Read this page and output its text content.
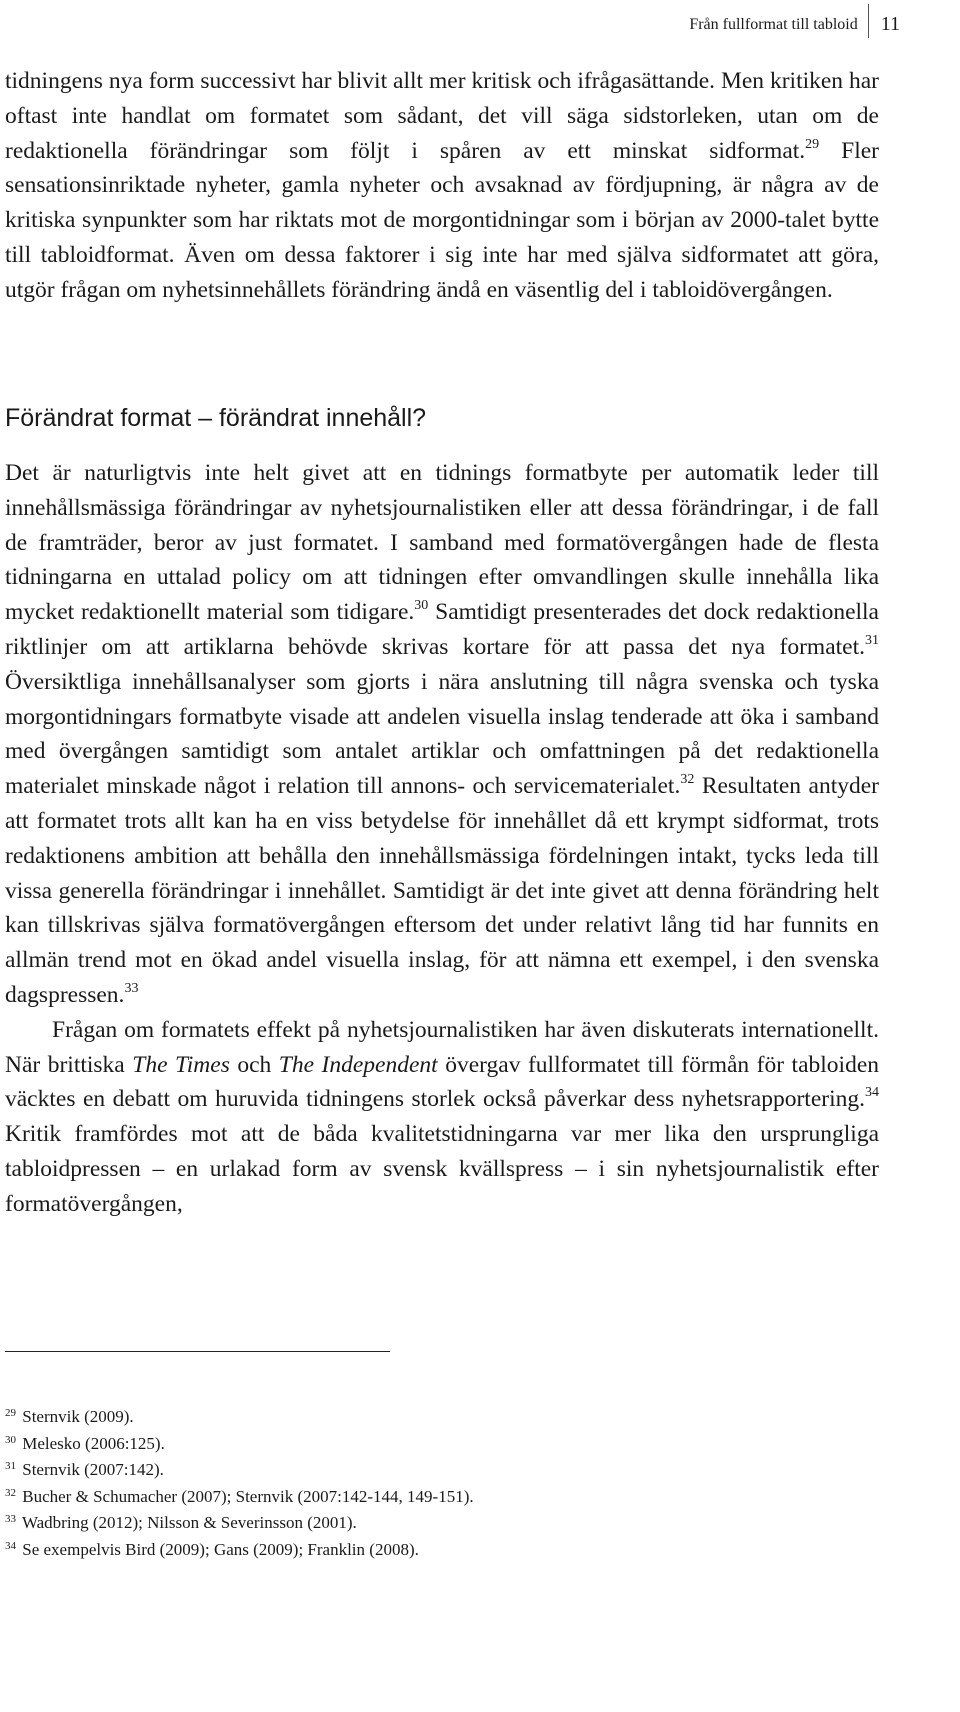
Från fullformat till tabloid	11

tidningens nya form successivt har blivit allt mer kritisk och ifrågasättande. Men kritiken har oftast inte handlat om formatet som sådant, det vill säga sidstorleken, utan om de redaktionella förändringar som följt i spåren av ett minskat sidformat.$^{29}$ Fler sensationsinriktade nyheter, gamla nyheter och avsaknad av fördjupning, är några av de kritiska synpunkter som har riktats mot de morgontidningar som i början av 2000-talet bytte till tabloidformat. Även om dessa faktorer i sig inte har med själva sidformatet att göra, utgör frågan om nyhetsinnehållets förändring ändå en väsentlig del i tabloidövergången.

Förändrat format – förändrat innehåll?

Det är naturligtvis inte helt givet att en tidnings formatbyte per automatik leder till innehållsmässiga förändringar av nyhetsjournalistiken eller att dessa förändringar, i de fall de framträder, beror av just formatet. I samband med formatövergången hade de flesta tidningarna en uttalad policy om att tidningen efter omvandlingen skulle innehålla lika mycket redaktionellt material som tidigare.$^{30}$ Samtidigt presenterades det dock redaktionella riktlinjer om att artiklarna behövde skrivas kortare för att passa det nya formatet.$^{31}$ Översiktliga innehållsanalyser som gjorts i nära anslutning till några svenska och tyska morgontidningars formatbyte visade att andelen visuella inslag tenderade att öka i samband med övergången samtidigt som antalet artiklar och omfattningen på det redaktionella materialet minskade något i relation till annons- och servicematerialet.$^{32}$ Resultaten antyder att formatet trots allt kan ha en viss betydelse för innehållet då ett krympt sidformat, trots redaktionens ambition att behålla den innehållsmässiga fördelningen intakt, tycks leda till vissa generella förändringar i innehållet. Samtidigt är det inte givet att denna förändring helt kan tillskrivas själva formatövergången eftersom det under relativt lång tid har funnits en allmän trend mot en ökad andel visuella inslag, för att nämna ett exempel, i den svenska dagspressen.$^{33}$

Frågan om formatets effekt på nyhetsjournalistiken har även diskuterats internationellt. När brittiska The Times och The Independent övergav fullformatet till förmån för tabloiden väcktes en debatt om huruvida tidningens storlek också påverkar dess nyhetsrapportering.$^{34}$ Kritik framfördes mot att de båda kvalitetstidningarna var mer lika den ursprungliga tabloidpressen – en urlakad form av svensk kvällspress – i sin nyhetsjournalistik efter formatövergången,

$^{29}$ Sternvik (2009).
$^{30}$ Melesko (2006:125).
$^{31}$ Sternvik (2007:142).
$^{32}$ Bucher & Schumacher (2007); Sternvik (2007:142-144, 149-151).
$^{33}$ Wadbring (2012); Nilsson & Severinsson (2001).
$^{34}$ Se exempelvis Bird (2009); Gans (2009); Franklin (2008).
